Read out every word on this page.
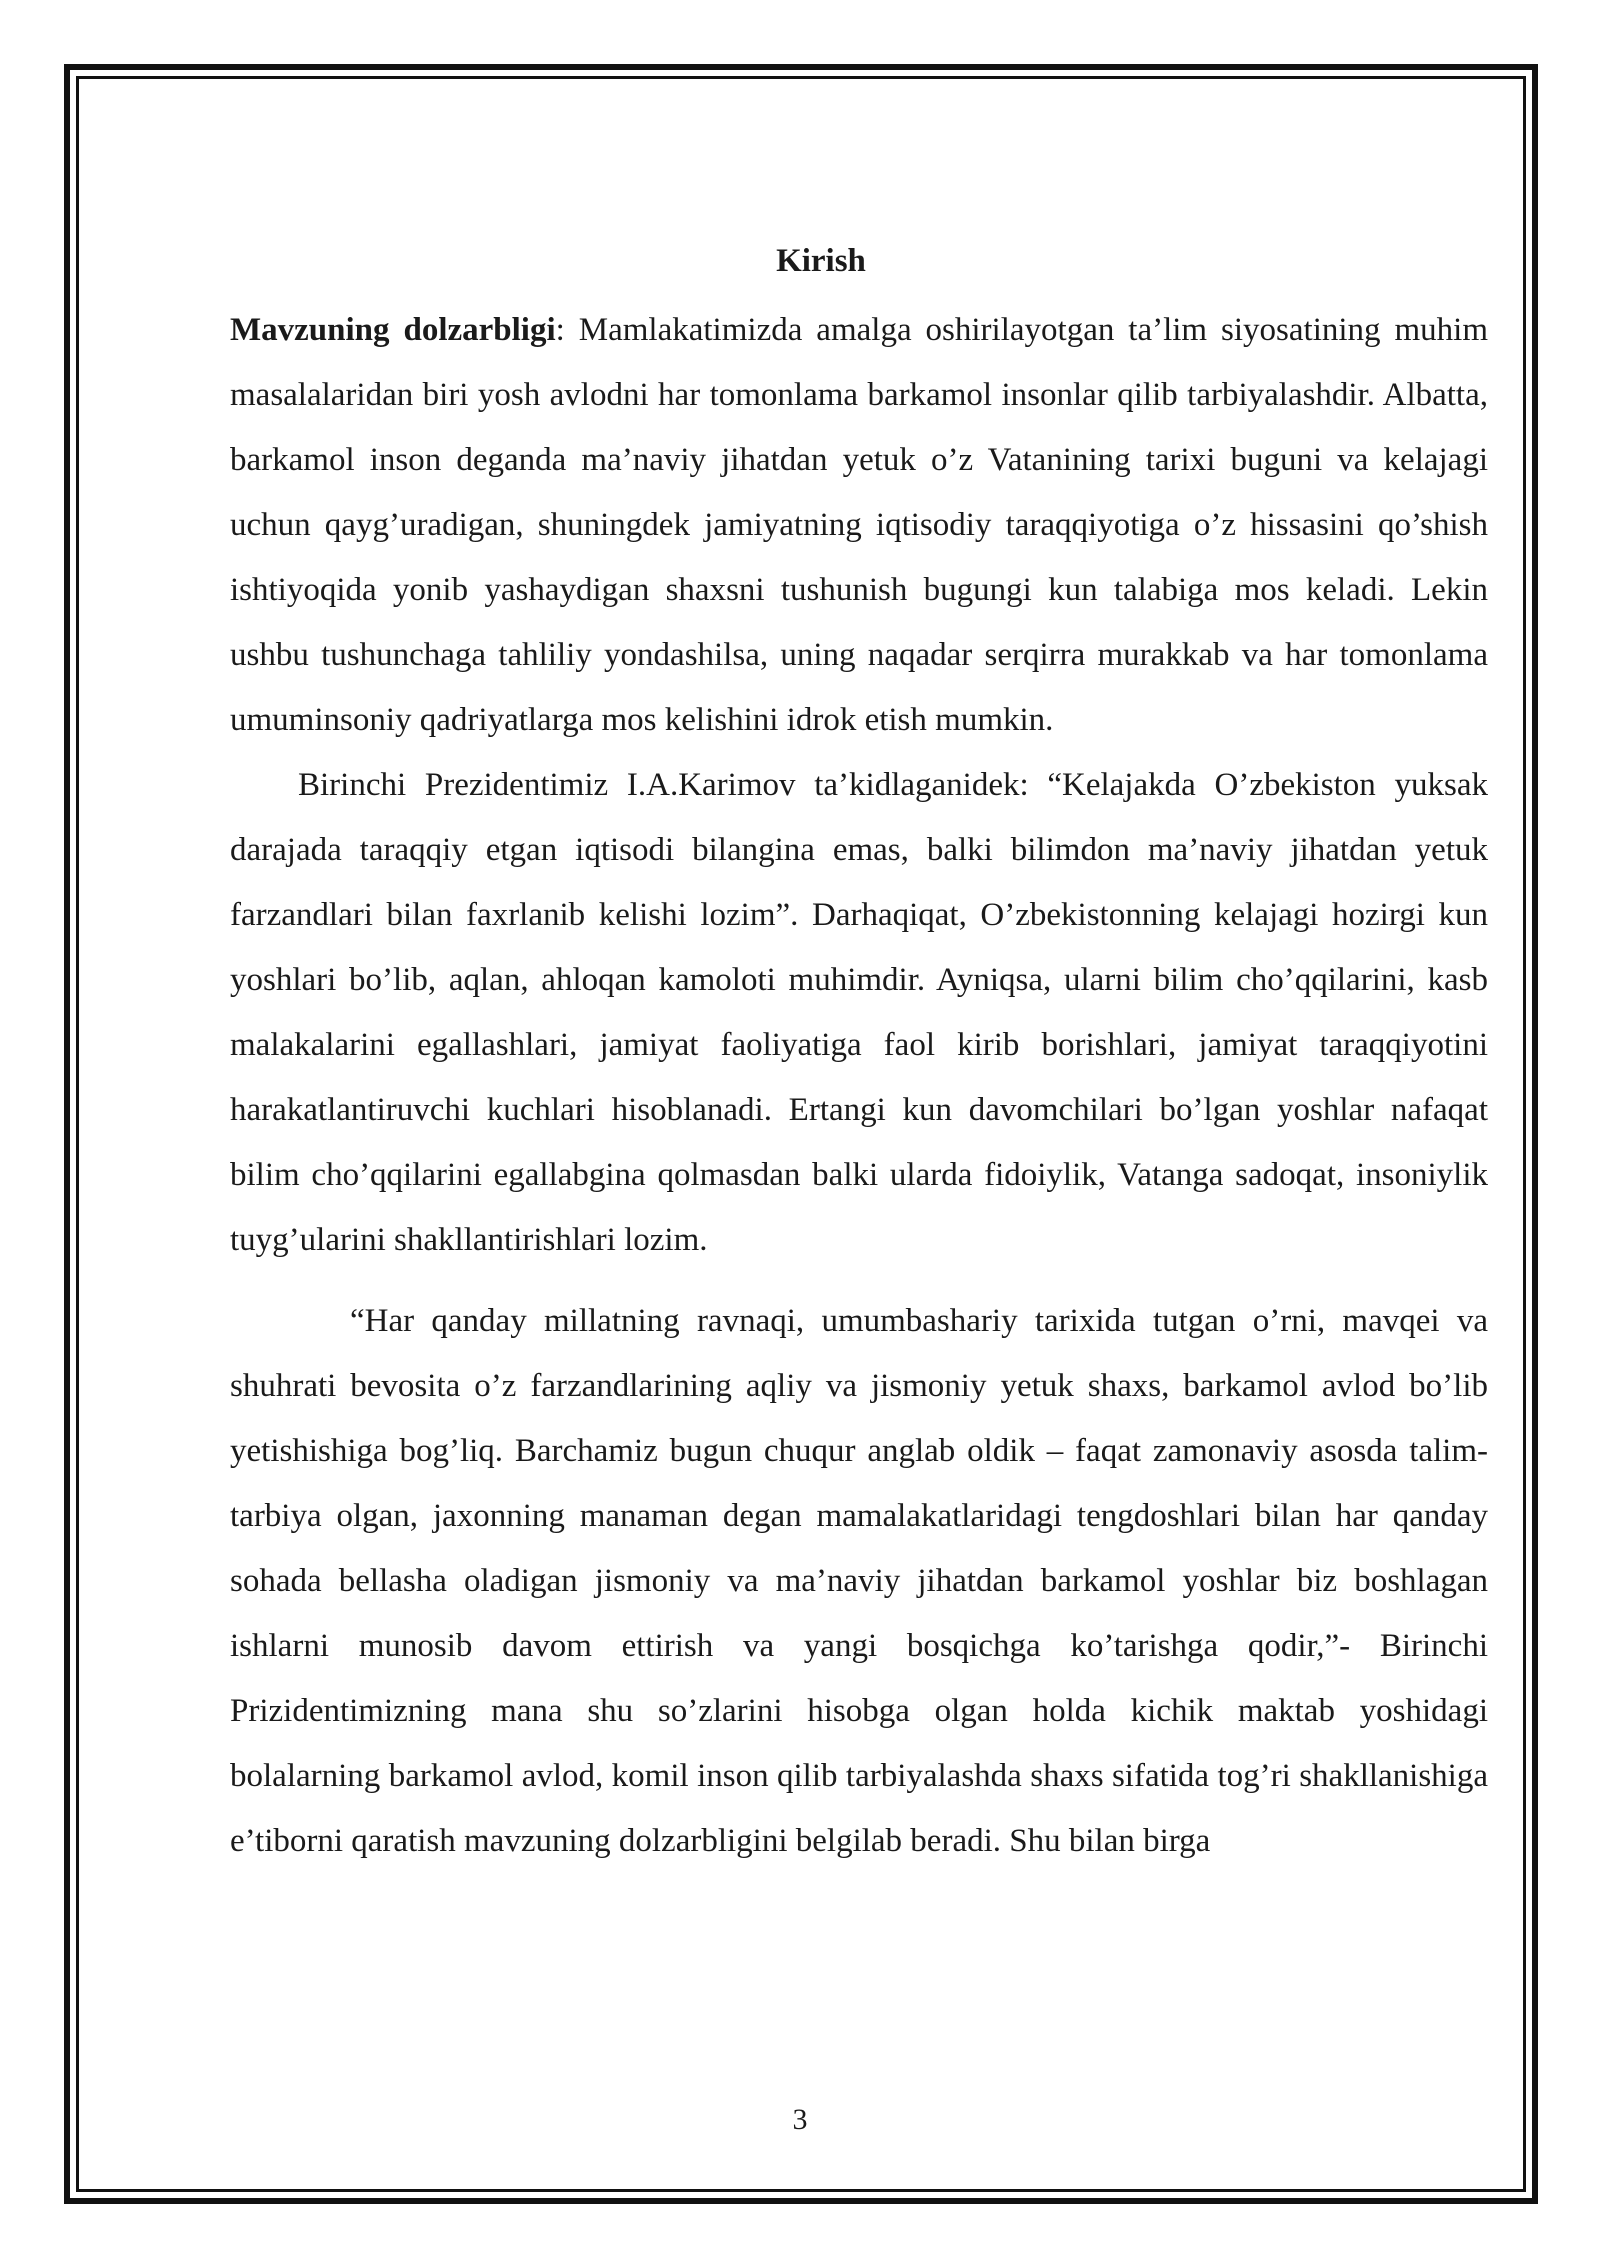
Kirish

Mavzuning dolzarbligi: Mamlakatimizda amalga oshirilayotgan ta’lim siyosatining muhim masalalaridan biri yosh avlodni har tomonlama barkamol insonlar qilib tarbiyalashdir. Albatta, barkamol inson deganda ma’naviy jihatdan yetuk o’z Vatanining tarixi buguni va kelajagi uchun qayg’uradigan, shuningdek jamiyatning iqtisodiy taraqqiyotiga o’z hissasini qo’shish ishtiyoqida yonib yashaydigan shaxsni tushunish bugungi kun talabiga mos keladi. Lekin ushbu tushunchaga tahliliy yondashilsa, uning naqadar serqirra murakkab va har tomonlama umuminsoniy qadriyatlarga mos kelishini idrok etish mumkin.

Birinchi Prezidentimiz I.A.Karimov ta’kidlaganidek: “Kelajakda O’zbekiston yuksak darajada taraqqiy etgan iqtisodi bilangina emas, balki bilimdon ma’naviy jihatdan yetuk farzandlari bilan faxrlanib kelishi lozim”. Darhaqiqat, O’zbekistonning kelajagi hozirgi kun yoshlari bo’lib, aqlan, ahloqan kamoloti muhimdir. Ayniqsa, ularni bilim cho’qqilarini, kasb malakalarini egallashlari, jamiyat faoliyatiga faol kirib borishlari, jamiyat taraqqiyotini harakatlantiruvchi kuchlari hisoblanadi. Ertangi kun davomchilari bo’lgan yoshlar nafaqat bilim cho’qqilarini egallabgina qolmasdan balki ularda fidoiylik, Vatanga sadoqat, insoniylik tuyg’ularini shakllantirishlari lozim.

“Har qanday millatning ravnaqi, umumbashariy tarixida tutgan o’rni, mavqei va shuhrati bevosita o’z farzandlarining aqliy va jismoniy yetuk shaxs, barkamol avlod bo’lib yetishishiga bog’liq. Barchamiz bugun chuqur anglab oldik – faqat zamonaviy asosda talim-tarbiya olgan, jaxonning manaman degan mamalakatlaridagi tengdoshlari bilan har qanday sohada bellasha oladigan jismoniy va ma’naviy jihatdan barkamol yoshlar biz boshlagan ishlarni munosib davom ettirish va yangi bosqichga ko’tarishga qodir,”- Birinchi Prizidentimizning mana shu so’zlarini hisobga olgan holda kichik maktab yoshidagi bolalarning barkamol avlod, komil inson qilib tarbiyalashda shaxs sifatida tog’ri shakllanishiga e’tiborni qaratish mavzuning dolzarbligini belgilab beradi. Shu bilan birga

3
